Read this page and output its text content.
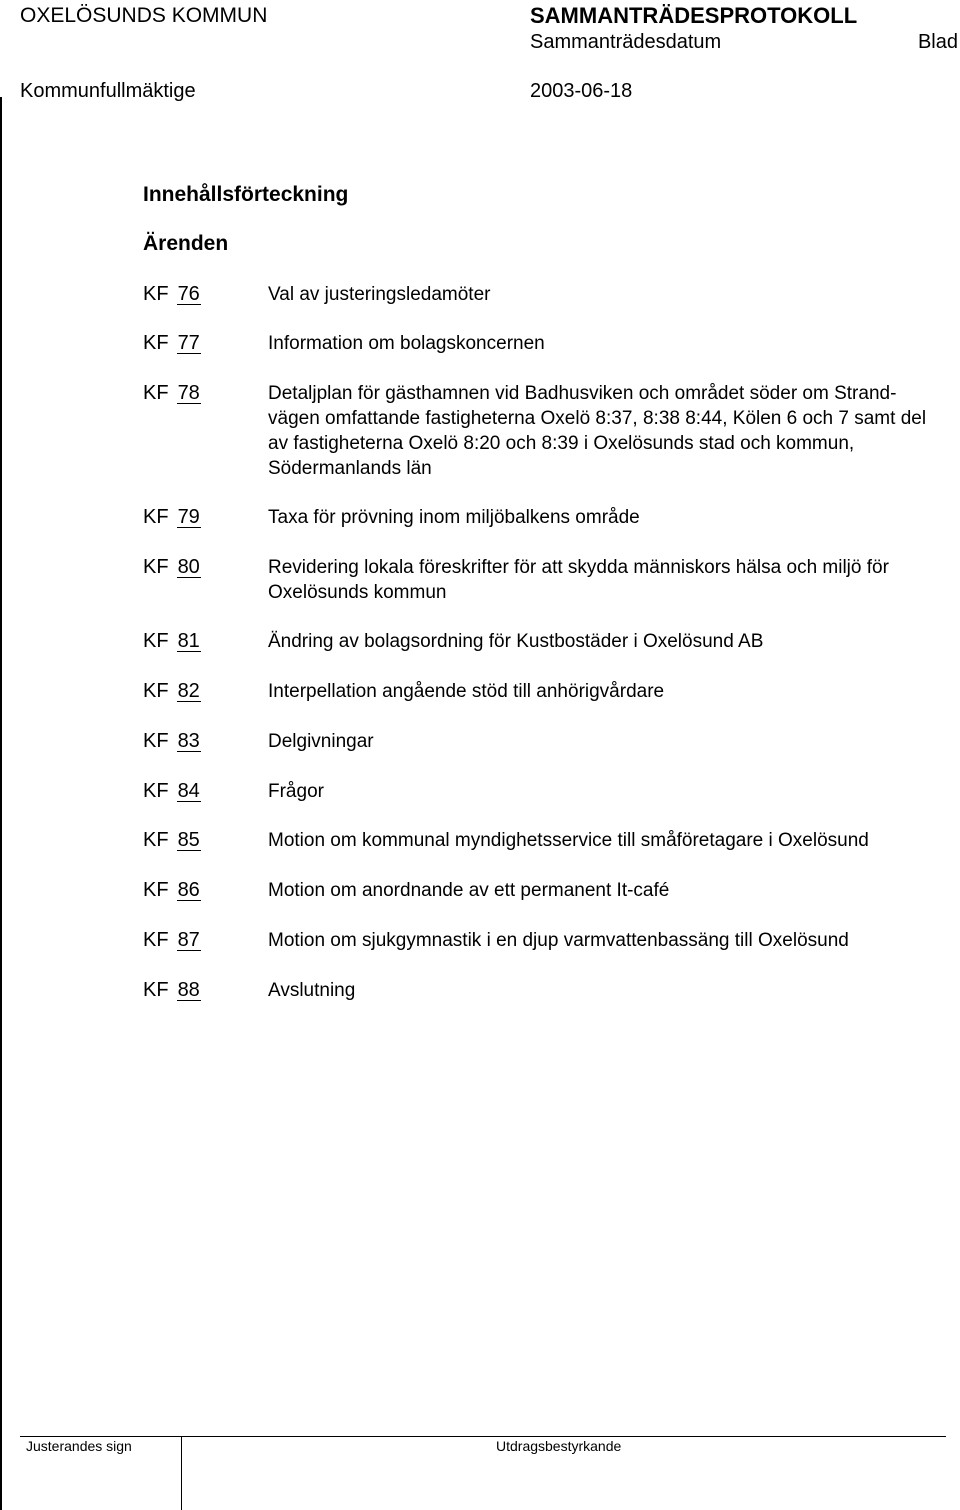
OXELÖSUNDS KOMMUN	SAMMANTRÄDESPROTOKOLL
Sammanträdesdatum	Blad
Kommunfullmäktige	2003-06-18
Innehållsförteckning
Ärenden
KF 76	Val av justeringsledamöter
KF 77	Information om bolagskoncernen
KF 78	Detaljplan för gästhamnen vid Badhusviken och området söder om Strand- vägen omfattande fastigheterna Oxelö 8:37, 8:38 8:44, Kölen 6 och 7 samt del av fastigheterna Oxelö 8:20 och 8:39 i Oxelösunds stad och kommun, Södermanlands län
KF 79	Taxa för prövning inom miljöbalkens område
KF 80	Revidering lokala föreskrifter för att skydda människors hälsa och miljö för Oxelösunds kommun
KF 81	Ändring av bolagsordning för Kustbostäder i Oxelösund AB
KF 82	Interpellation angående stöd till anhörigvårdare
KF 83	Delgivningar
KF 84	Frågor
KF 85	Motion om kommunal myndighetsservice till småföretagare i Oxelösund
KF 86	Motion om anordnande av ett permanent It-café
KF 87	Motion om sjukgymnastik i en djup varmvattenbassäng till Oxelösund
KF 88	Avslutning
Justerandes sign	Utdragsbestyrkande
